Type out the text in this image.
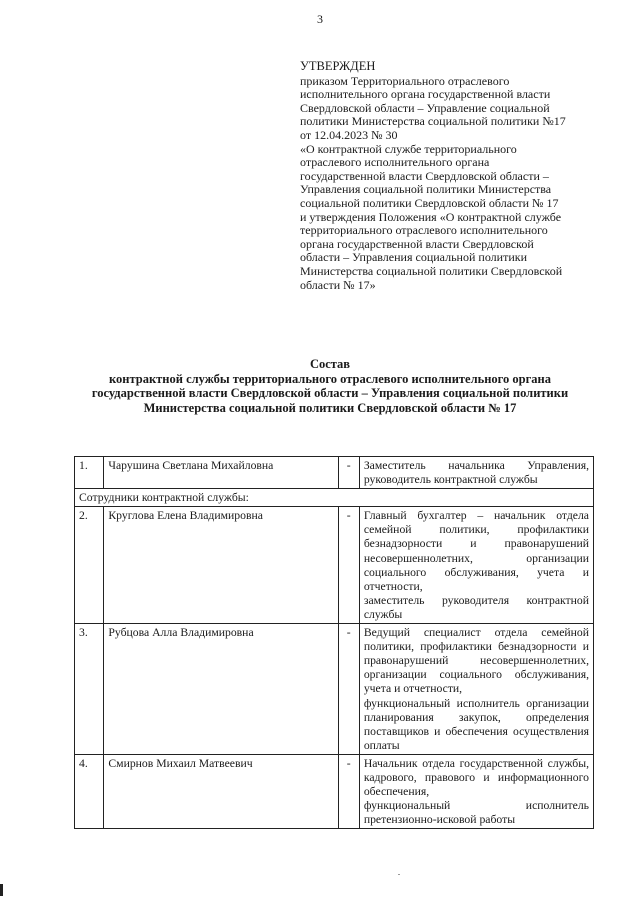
3
УТВЕРЖДЕН

приказом Территориального отраслевого

исполнительного органа государственной власти

Свердловской области – Управление социальной

политики Министерства социальной политики №17

от 12.04.2023 № 30

«О контрактной службе территориального

отраслевого исполнительного органа

государственной власти Свердловской области –

Управления социальной политики Министерства

социальной политики Свердловской области № 17

и утверждения Положения «О контрактной службе

территориального отраслевого исполнительного

органа государственной власти Свердловской

области – Управления социальной политики

Министерства социальной политики Свердловской

области № 17»

Состав

контрактной службы территориального отраслевого исполнительного органа

государственной власти Свердловской области – Управления социальной политики

Министерства социальной политики Свердловской области № 17

1.	Чарушина Светлана Михайловна	-	Заместитель начальника Управления, руководитель контрактной службы

Сотрудники контрактной службы:			
2.	Круглова Елена Владимировна	-	Главный бухгалтер – начальник отдела семейной политики, профилактики безнадзорности и правонарушений несовершеннолетних, организации социального обслуживания, учета и отчетности,

заместитель руководителя контрактной службы

3.	Рубцова Алла Владимировна	-	Ведущий специалист отдела семейной политики, профилактики безнадзорности и правонарушений несовершеннолетних, организации социального обслуживания, учета и отчетности,

функциональный исполнитель организации планирования закупок, определения поставщиков и обеспечения осуществления оплаты

4.	Смирнов Михаил Матвеевич	-	Начальник отдела государственной службы, кадрового, правового и информационного обеспечения,

функциональный исполнитель претензионно-исковой работы
